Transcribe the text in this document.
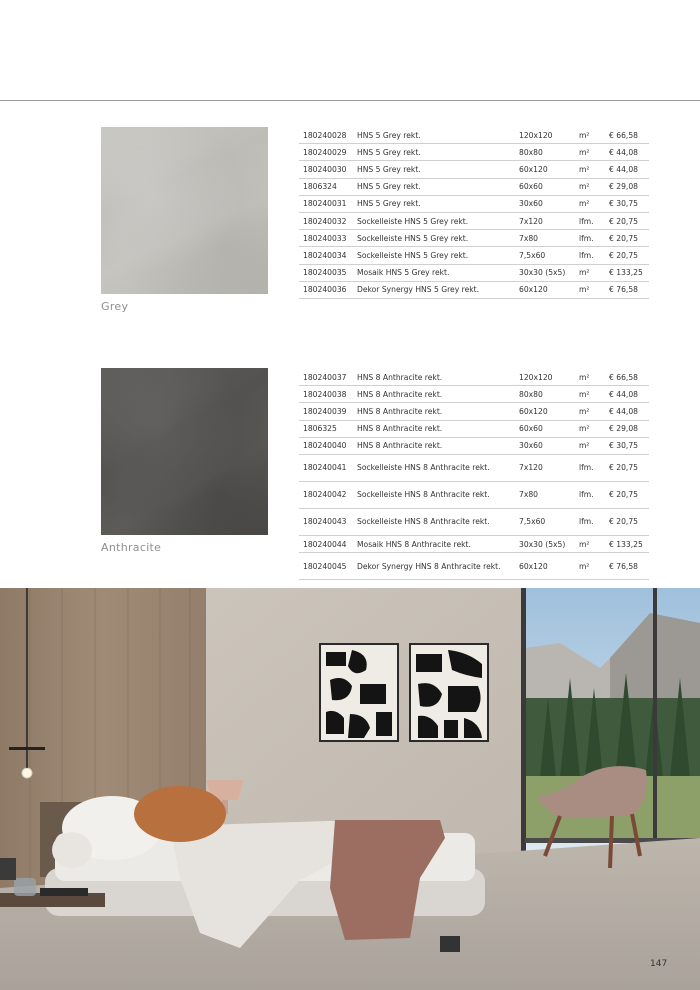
Grey
180240028	HNS 5 Grey rekt.	120x120	m²	€ 66,58
180240029	HNS 5 Grey rekt.	80x80	m²	€ 44,08
180240030	HNS 5 Grey rekt.	60x120	m²	€ 44,08
1806324	HNS 5 Grey rekt.	60x60	m²	€ 29,08
180240031	HNS 5 Grey rekt.	30x60	m²	€ 30,75
180240032	Sockelleiste HNS 5 Grey rekt.	7x120	lfm.	€ 20,75
180240033	Sockelleiste HNS 5 Grey rekt.	7x80	lfm.	€ 20,75
180240034	Sockelleiste HNS 5 Grey rekt.	7,5x60	lfm.	€ 20,75
180240035	Mosaik HNS 5 Grey rekt.	30x30 (5x5)	m²	€ 133,25
180240036	Dekor Synergy HNS 5 Grey rekt.	60x120	m²	€ 76,58
Anthracite
180240037	HNS 8 Anthracite rekt.	120x120	m²	€ 66,58
180240038	HNS 8 Anthracite rekt.	80x80	m²	€ 44,08
180240039	HNS 8 Anthracite rekt.	60x120	m²	€ 44,08
1806325	HNS 8 Anthracite rekt.	60x60	m²	€ 29,08
180240040	HNS 8 Anthracite rekt.	30x60	m²	€ 30,75
180240041	Sockelleiste HNS 8 Anthracite rekt.	7x120	lfm.	€ 20,75
180240042	Sockelleiste HNS 8 Anthracite rekt.	7x80	lfm.	€ 20,75
180240043	Sockelleiste HNS 8 Anthracite rekt.	7,5x60	lfm.	€ 20,75
180240044	Mosaik HNS 8 Anthracite rekt.	30x30 (5x5)	m²	€ 133,25
180240045	Dekor Synergy HNS 8 Anthracite rekt.	60x120	m²	€ 76,58
147
